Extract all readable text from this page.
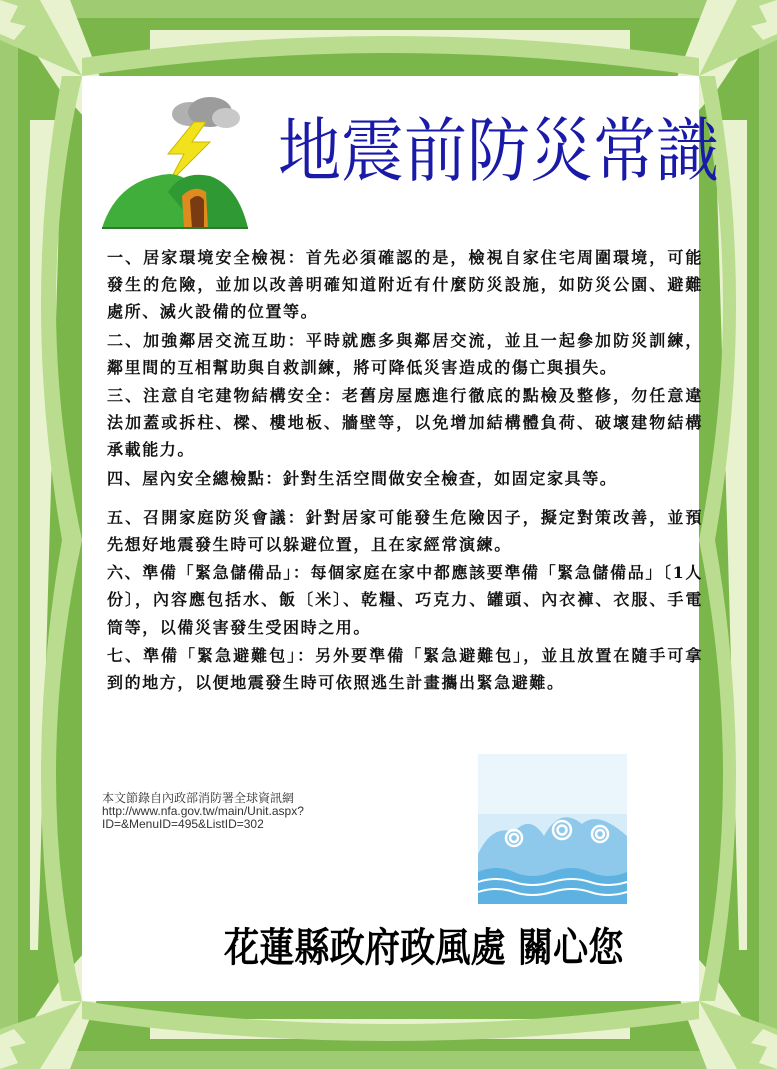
地震前防災常識

一、居家環境安全檢視：首先必須確認的是，檢視自家住宅周圍環境，可能發生的危險，並加以改善明確知道附近有什麼防災設施，如防災公園、避難處所、滅火設備的位置等。

二、加強鄰居交流互助：平時就應多與鄰居交流，並且一起參加防災訓練，鄰里間的互相幫助與自救訓練，將可降低災害造成的傷亡與損失。

三、注意自宅建物結構安全：老舊房屋應進行徹底的點檢及整修，勿任意違法加蓋或拆柱、樑、樓地板、牆壁等，以免增加結構體負荷、破壞建物結構承載能力。

四、屋內安全總檢點：針對生活空間做安全檢查，如固定家具等。

五、召開家庭防災會議：針對居家可能發生危險因子，擬定對策改善，並預先想好地震發生時可以躲避位置，且在家經常演練。

六、準備「緊急儲備品」：每個家庭在家中都應該要準備「緊急儲備品」〔1人份〕，內容應包括水、飯〔米〕、乾糧、巧克力、罐頭、內衣褲、衣服、手電筒等，以備災害發生受困時之用。

七、準備「緊急避難包」：另外要準備「緊急避難包」，並且放置在隨手可拿到的地方，以便地震發生時可依照逃生計畫攜出緊急避難。

本文節錄自內政部消防署全球資訊網
http://www.nfa.gov.tw/main/Unit.aspx?
ID=&MenuID=495&ListID=302
花蓮縣政府政風處 關心您
